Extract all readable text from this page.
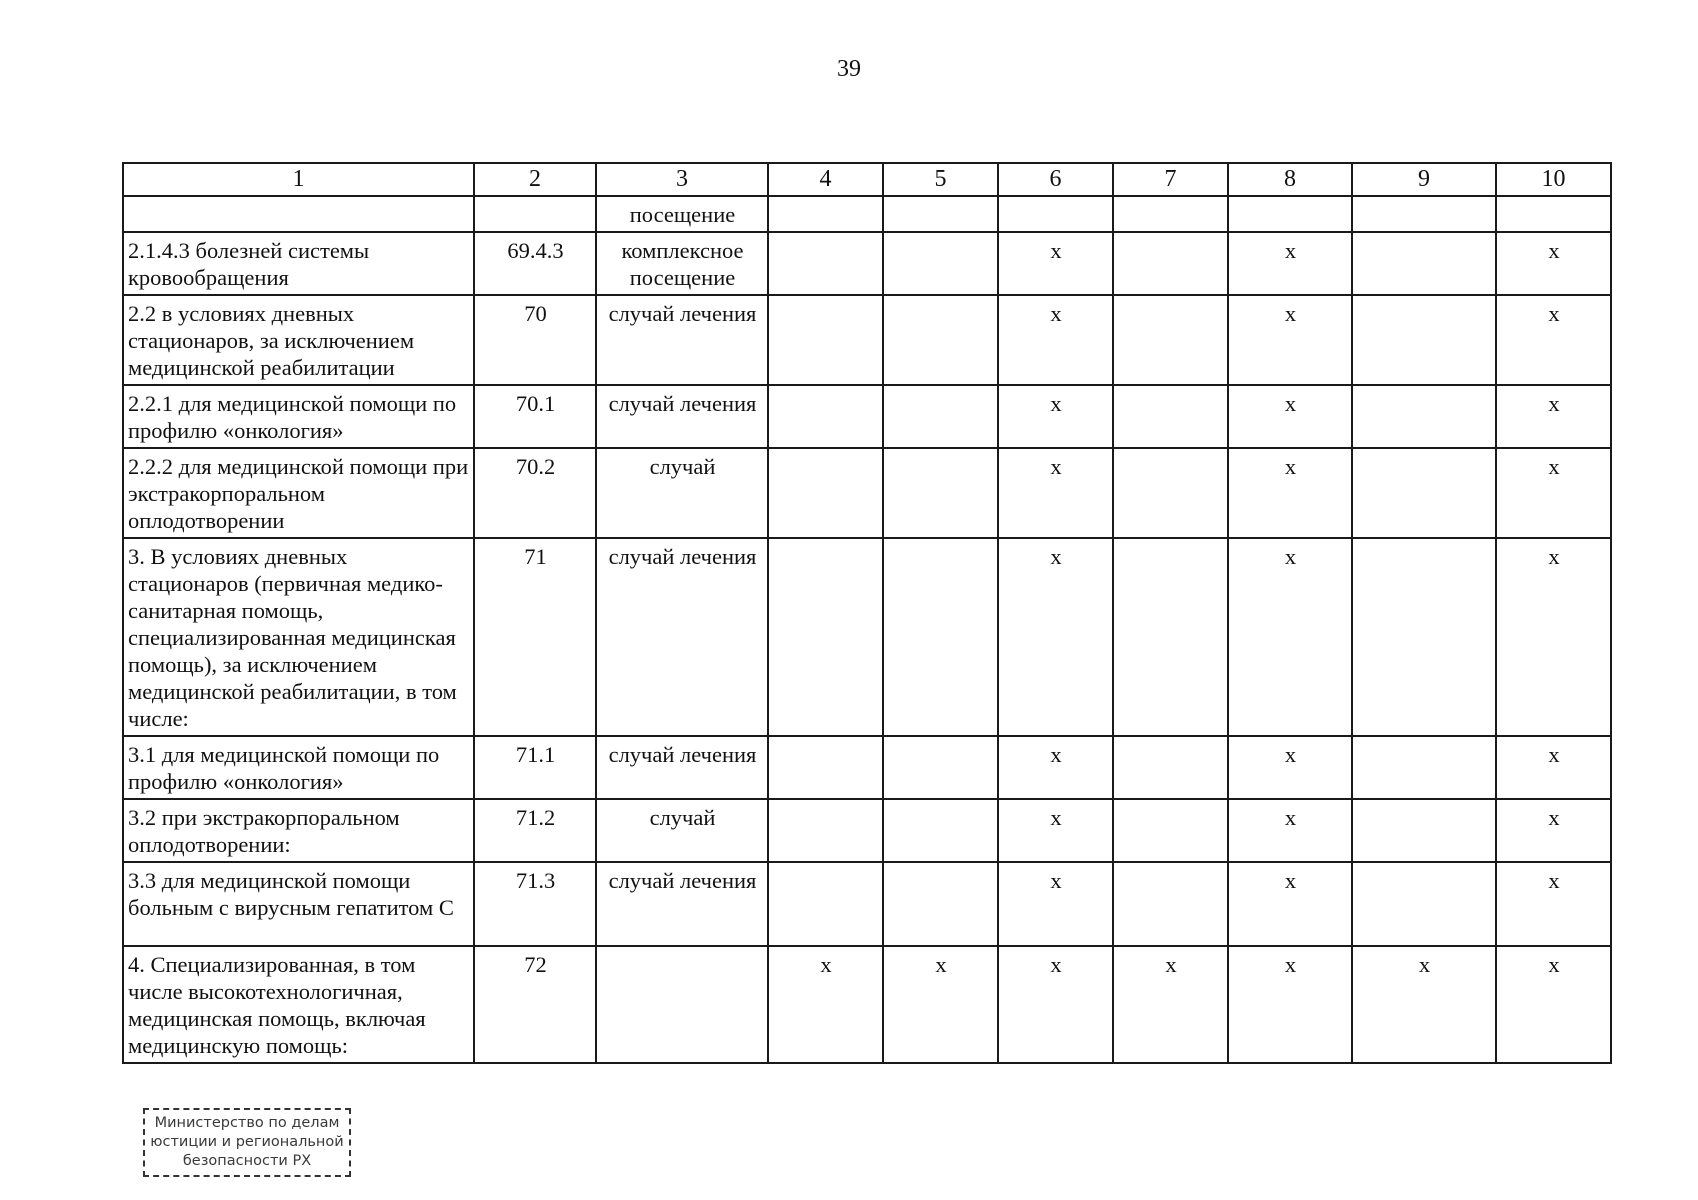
39
1	2	3	4	5	6	7	8	9	10
		посещение							
2.1.4.3 болезней системы кровообращения	69.4.3	комплексное посещение			х		х		х
2.2 в условиях дневных стационаров, за исключением медицинской реабилитации	70	случай лечения			х		х		х
2.2.1 для медицинской помощи по профилю «онкология»	70.1	случай лечения			х		х		х
2.2.2 для медицинской помощи при экстракорпоральном оплодотворении	70.2	случай			х		х		х
3. В условиях дневных стационаров (первичная медико-санитарная помощь, специализированная медицинская помощь), за исключением медицинской реабилитации, в том числе:	71	случай лечения			х		х		х
3.1 для медицинской помощи по профилю «онкология»	71.1	случай лечения			х		х		х
3.2 при экстракорпоральном оплодотворении:	71.2	случай			х		х		х
3.3 для медицинской помощи больным с вирусным гепатитом С	71.3	случай лечения			х		х		х
4. Специализированная, в том числе высокотехнологичная, медицинская помощь, включая медицинскую помощь:	72		х	х	х	х	х	х	х
Министерство по делам
юстиции и региональной
безопасности РХ
